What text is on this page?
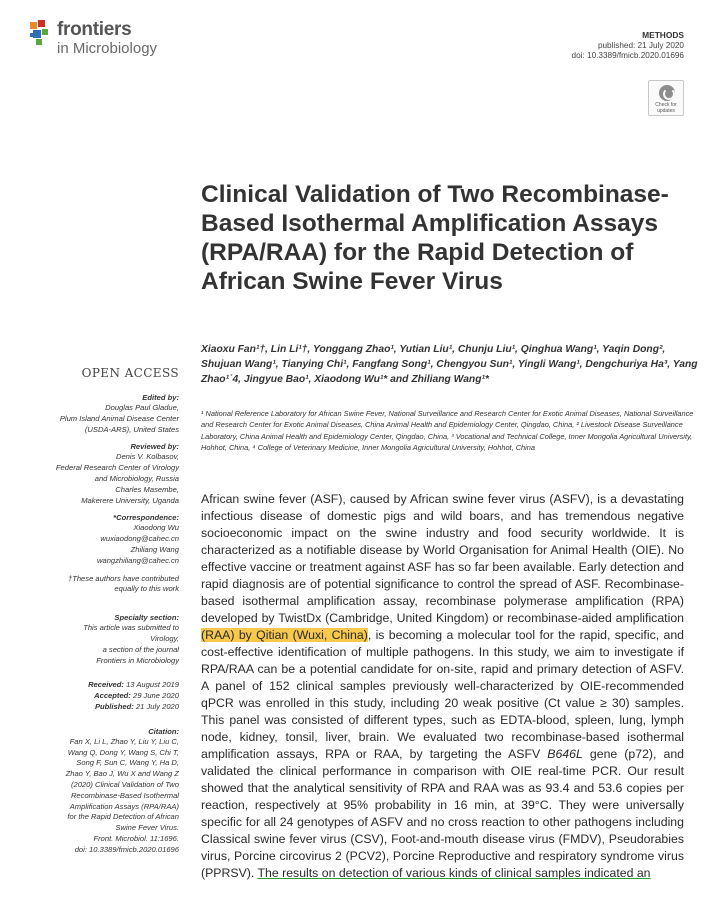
frontiers
in Microbiology
METHODS
published: 21 July 2020
doi: 10.3389/fmicb.2020.01696
Check for updates
Clinical Validation of Two Recombinase-Based Isothermal Amplification Assays (RPA/RAA) for the Rapid Detection of African Swine Fever Virus
Xiaoxu Fan¹†, Lin Li¹†, Yonggang Zhao¹, Yutian Liu¹, Chunju Liu¹, Qinghua Wang¹, Yaqin Dong², Shujuan Wang¹, Tianying Chi¹, Fangfang Song¹, Chengyou Sun¹, Yingli Wang¹, Dengchuriya Ha³, Yang Zhao¹˙4, Jingyue Bao¹, Xiaodong Wu¹* and Zhiliang Wang¹*
¹ National Reference Laboratory for African Swine Fever, National Surveillance and Research Center for Exotic Animal Diseases, National Surveillance and Research Center for Exotic Animal Diseases, China Animal Health and Epidemiology Center, Qingdao, China, ² Livestock Disease Surveillance Laboratory, China Animal Health and Epidemiology Center, Qingdao, China, ³ Vocational and Technical College, Inner Mongolia Agricultural University, Hohhot, China, ⁴ College of Veterinary Medicine, Inner Mongolia Agricultural University, Hohhot, China
African swine fever (ASF), caused by African swine fever virus (ASFV), is a devastating infectious disease of domestic pigs and wild boars, and has tremendous negative socioeconomic impact on the swine industry and food security worldwide. It is characterized as a notifiable disease by World Organisation for Animal Health (OIE). No effective vaccine or treatment against ASF has so far been available. Early detection and rapid diagnosis are of potential significance to control the spread of ASF. Recombinase-based isothermal amplification assay, recombinase polymerase amplification (RPA) developed by TwistDx (Cambridge, United Kingdom) or recombinase-aided amplification (RAA) by Qitian (Wuxi, China), is becoming a molecular tool for the rapid, specific, and cost-effective identification of multiple pathogens. In this study, we aim to investigate if RPA/RAA can be a potential candidate for on-site, rapid and primary detection of ASFV. A panel of 152 clinical samples previously well-characterized by OIE-recommended qPCR was enrolled in this study, including 20 weak positive (Ct value ≥ 30) samples. This panel was consisted of different types, such as EDTA-blood, spleen, lung, lymph node, kidney, tonsil, liver, brain. We evaluated two recombinase-based isothermal amplification assays, RPA or RAA, by targeting the ASFV B646L gene (p72), and validated the clinical performance in comparison with OIE real-time PCR. Our result showed that the analytical sensitivity of RPA and RAA was as 93.4 and 53.6 copies per reaction, respectively at 95% probability in 16 min, at 39°C. They were universally specific for all 24 genotypes of ASFV and no cross reaction to other pathogens including Classical swine fever virus (CSV), Foot-and-mouth disease virus (FMDV), Pseudorabies virus, Porcine circovirus 2 (PCV2), Porcine Reproductive and respiratory syndrome virus (PPRSV). The results on detection of various kinds of clinical samples indicated an
OPEN ACCESS
Edited by:
Douglas Paul Gladue,
Plum Island Animal Disease Center
(USDA-ARS), United States
Reviewed by:
Denis V. Kolbasov,
Federal Research Center of Virology
and Microbiology, Russia
Charles Masembe,
Makerere University, Uganda
*Correspondence:
Xiaodong Wu
wuxiaodong@cahec.cn
Zhiliang Wang
wangzhiliang@cahec.cn
†These authors have contributed
equally to this work
Specialty section:
This article was submitted to
Virology,
a section of the journal
Frontiers in Microbiology
Received: 13 August 2019
Accepted: 29 June 2020
Published: 21 July 2020
Citation:
Fan X, Li L, Zhao Y, Liu Y, Liu C,
Wang Q, Dong Y, Wang S, Chi T,
Song F, Sun C, Wang Y, Ha D,
Zhao Y, Bao J, Wu X and Wang Z
(2020) Clinical Validation of Two
Recombinase-Based Isothermal
Amplification Assays (RPA/RAA)
for the Rapid Detection of African
Swine Fever Virus.
Front. Microbiol. 11:1696.
doi: 10.3389/fmicb.2020.01696
